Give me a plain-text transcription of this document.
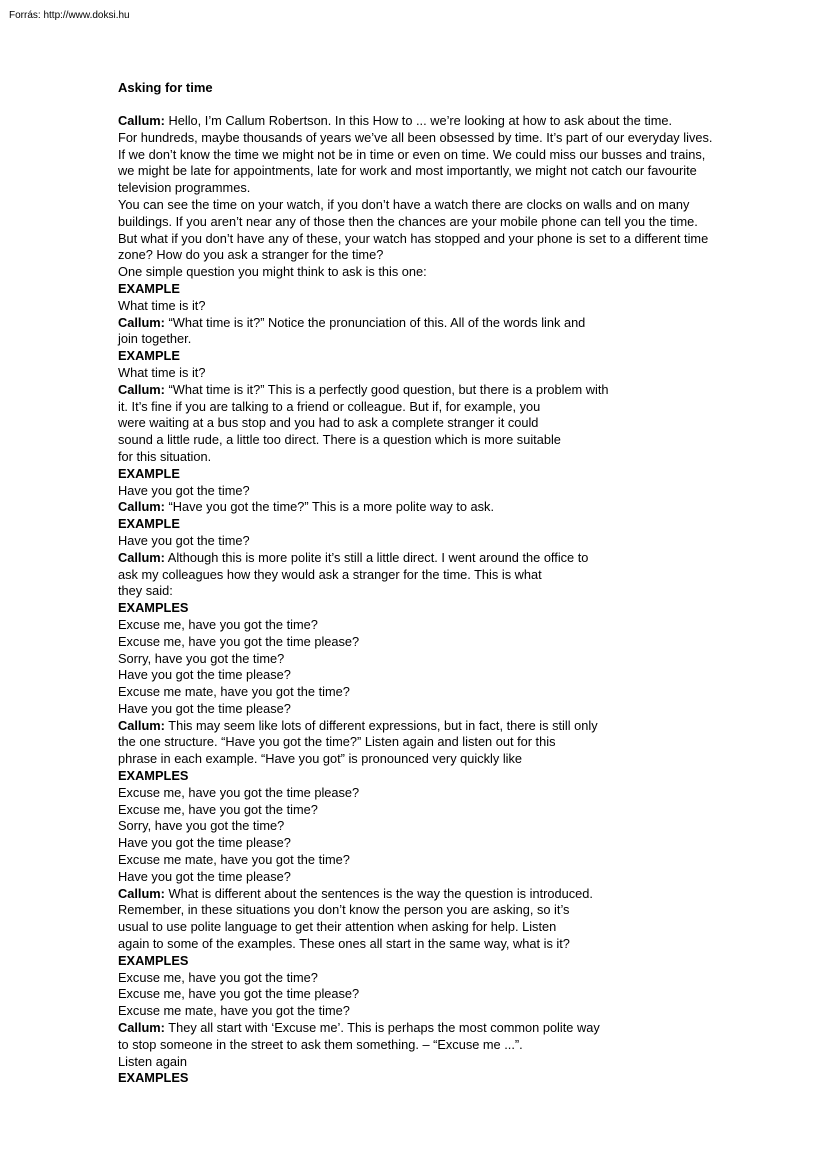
Forrás: http://www.doksi.hu
Asking for time
Callum: Hello, I’m Callum Robertson. In this How to ... we’re looking at how to ask about the time.
For hundreds, maybe thousands of years we’ve all been obsessed by time. It’s part of our everyday lives.
If we don’t know the time we might not be in time or even on time. We could miss our busses and trains,
we might be late for appointments, late for work and most importantly, we might not catch our favourite
television programmes.
You can see the time on your watch, if you don’t have a watch there are clocks on walls and on many
buildings. If you aren’t near any of those then the chances are your mobile phone can tell you the time.
But what if you don’t have any of these, your watch has stopped and your phone is set to a different time
zone? How do you ask a stranger for the time?
One simple question you might think to ask is this one:
EXAMPLE
What time is it?
Callum: “What time is it?” Notice the pronunciation of this. All of the words link and
join together.
EXAMPLE
What time is it?
Callum: “What time is it?” This is a perfectly good question, but there is a problem with
it. It’s fine if you are talking to a friend or colleague. But if, for example, you
were waiting at a bus stop and you had to ask a complete stranger it could
sound a little rude, a little too direct. There is a question which is more suitable
for this situation.
EXAMPLE
Have you got the time?
Callum: “Have you got the time?” This is a more polite way to ask.
EXAMPLE
Have you got the time?
Callum: Although this is more polite it’s still a little direct. I went around the office to
ask my colleagues how they would ask a stranger for the time. This is what
they said:
EXAMPLES
Excuse me, have you got the time?
Excuse me, have you got the time please?
Sorry, have you got the time?
Have you got the time please?
Excuse me mate, have you got the time?
Have you got the time please?
Callum: This may seem like lots of different expressions, but in fact, there is still only
the one structure. “Have you got the time?” Listen again and listen out for this
phrase in each example. “Have you got” is pronounced very quickly like
EXAMPLES
Excuse me, have you got the time please?
Excuse me, have you got the time?
Sorry, have you got the time?
Have you got the time please?
Excuse me mate, have you got the time?
Have you got the time please?
Callum: What is different about the sentences is the way the question is introduced.
Remember, in these situations you don’t know the person you are asking, so it’s
usual to use polite language to get their attention when asking for help. Listen
again to some of the examples. These ones all start in the same way, what is it?
EXAMPLES
Excuse me, have you got the time?
Excuse me, have you got the time please?
Excuse me mate, have you got the time?
Callum: They all start with ‘Excuse me’. This is perhaps the most common polite way
to stop someone in the street to ask them something. – “Excuse me ...”.
Listen again
EXAMPLES
